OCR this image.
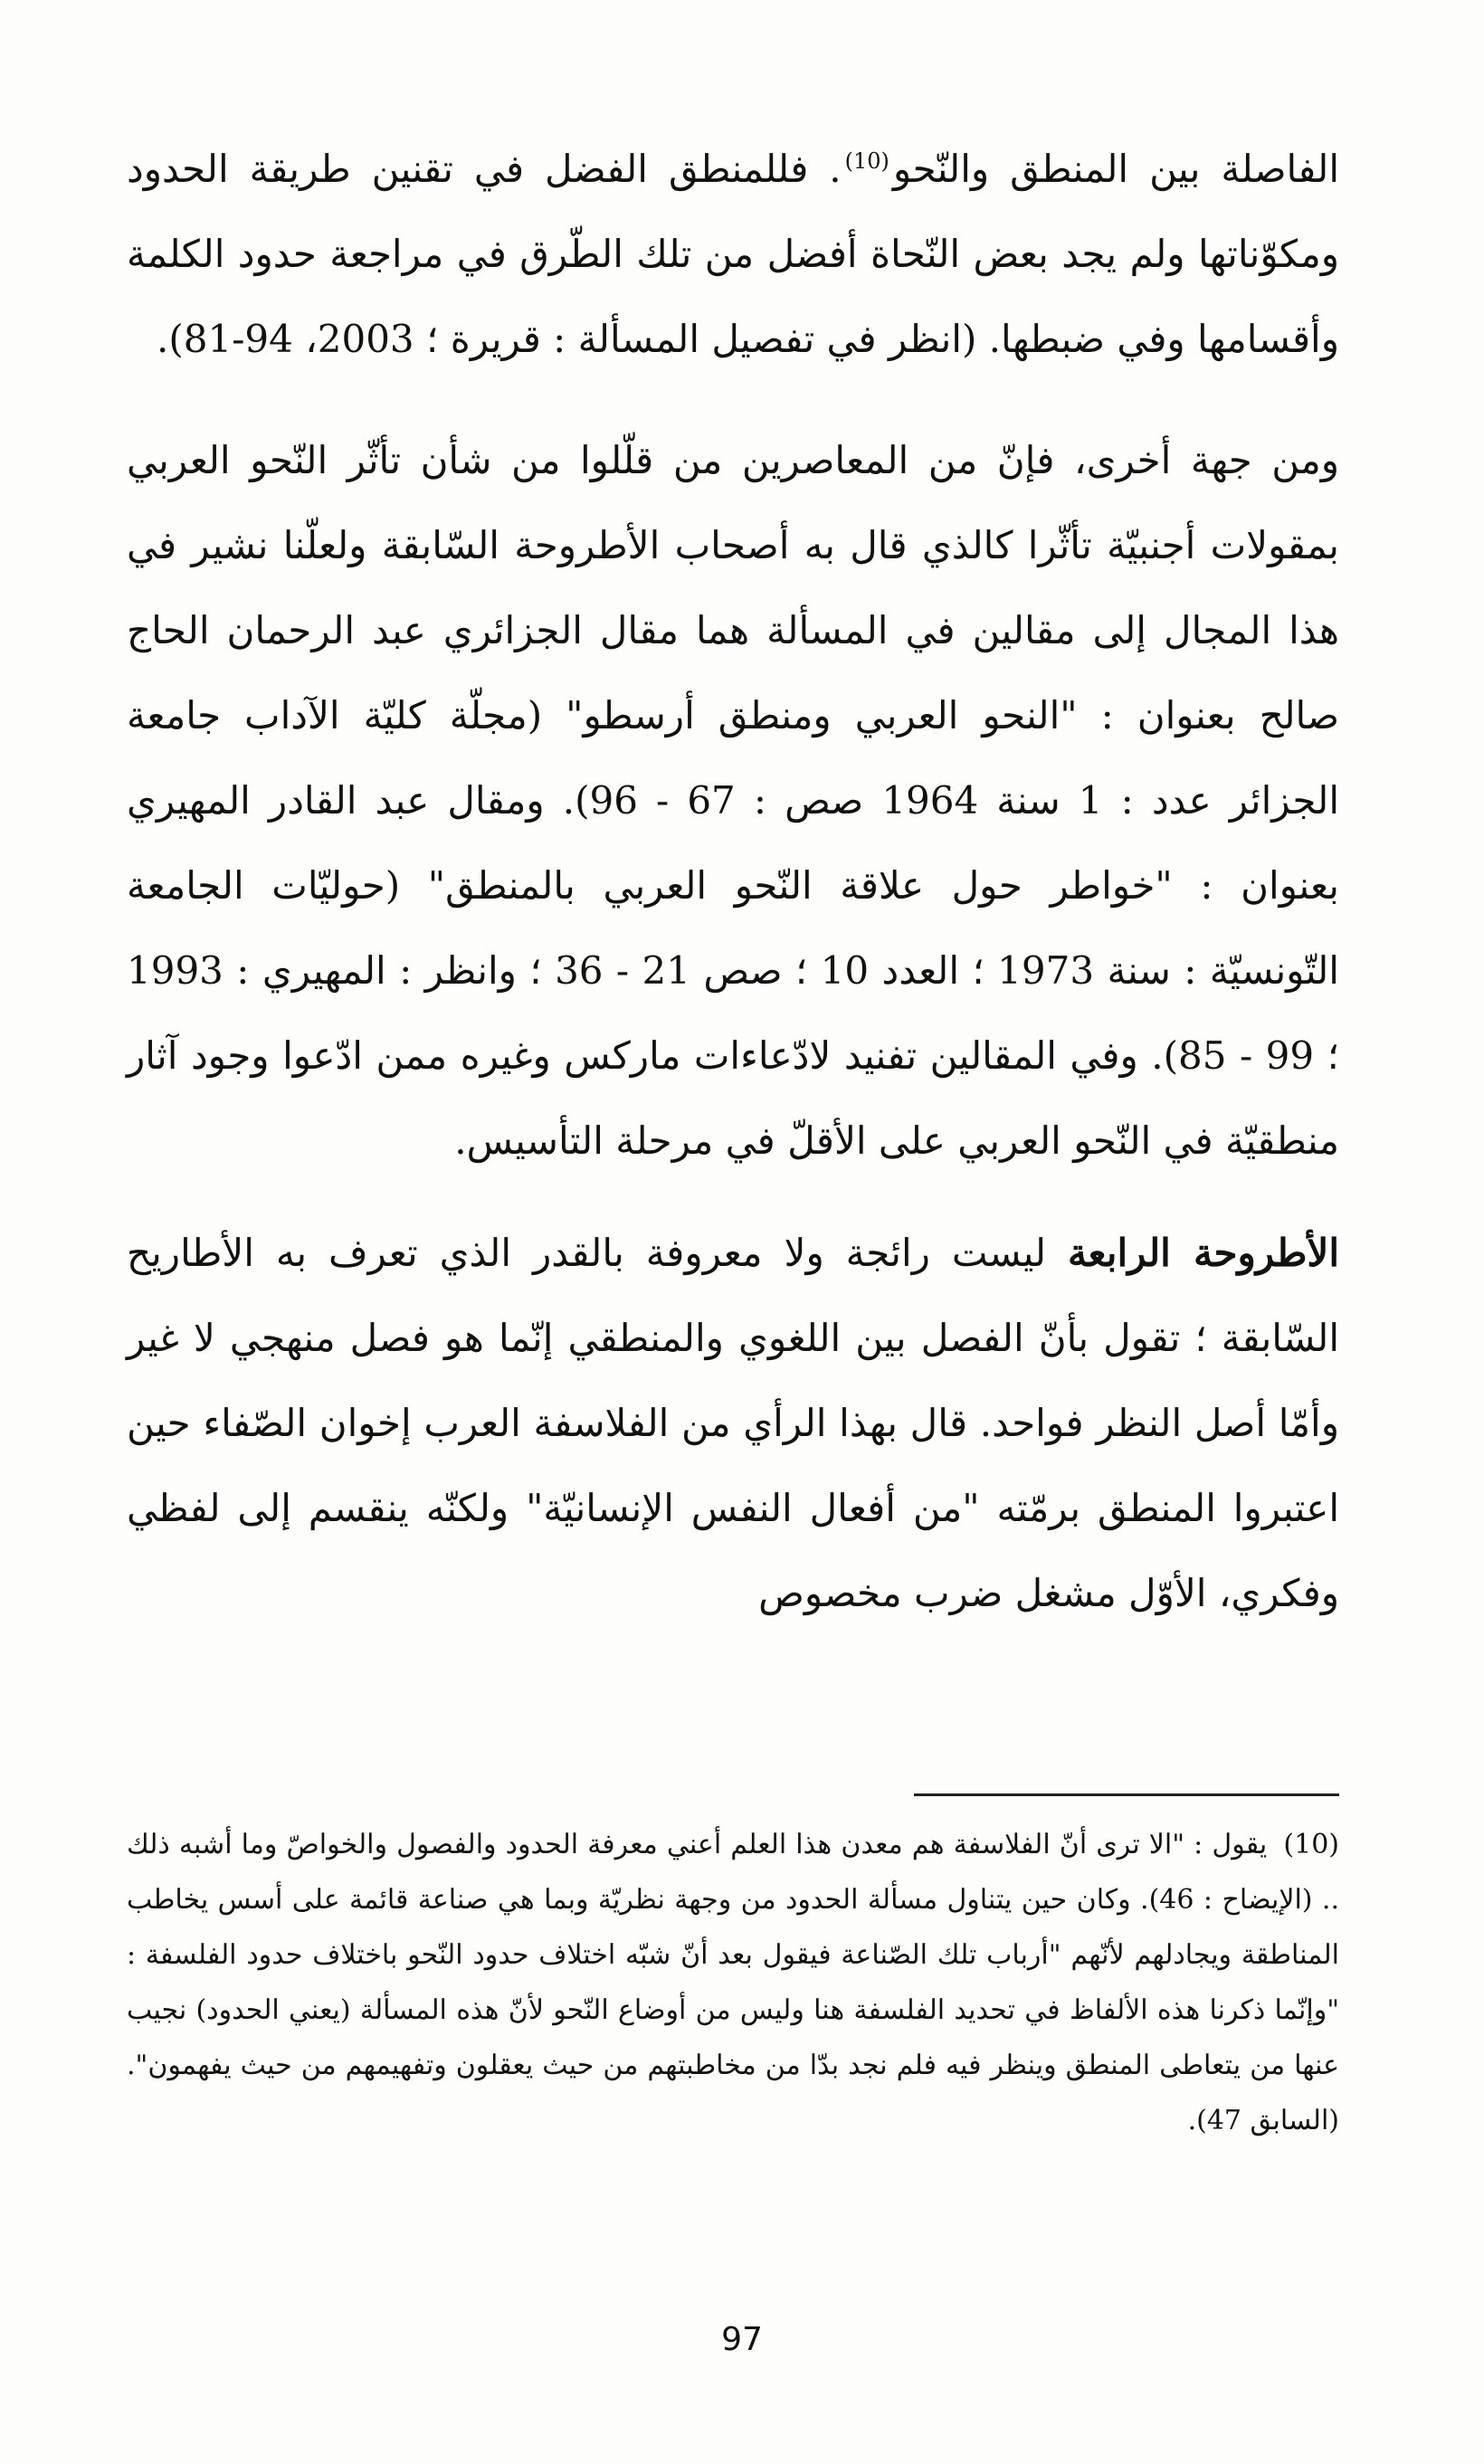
الفاصلة بين المنطق والنّحو$^{(10)}$. فللمنطق الفضل في تقنين طريقة الحدود ومكوّناتها ولم يجد بعض النّحاة أفضل من تلك الطّرق في مراجعة حدود الكلمة وأقسامها وفي ضبطها. (انظر في تفصيل المسألة : قريرة ؛ 2003، 94-81).

ومن جهة أخرى، فإنّ من المعاصرين من قلّلوا من شأن تأثّر النّحو العربي بمقولات أجنبيّة تأثّرا كالذي قال به أصحاب الأطروحة السّابقة ولعلّنا نشير في هذا المجال إلى مقالين في المسألة هما مقال الجزائري عبد الرحمان الحاج صالح بعنوان : "النحو العربي ومنطق أرسطو" (مجلّة كليّة الآداب جامعة الجزائر عدد : 1 سنة 1964 صص : 67 - 96). ومقال عبد القادر المهيري بعنوان : "خواطر حول علاقة النّحو العربي بالمنطق" (حوليّات الجامعة التّونسيّة : سنة 1973 ؛ العدد 10 ؛ صص 21 - 36 ؛ وانظر : المهيري : 1993 ؛ 99 - 85). وفي المقالين تفنيد لادّعاءات ماركس وغيره ممن ادّعوا وجود آثار منطقيّة في النّحو العربي على الأقلّ في مرحلة التأسيس.

الأطروحة الرابعة ليست رائجة ولا معروفة بالقدر الذي تعرف به الأطاريح السّابقة ؛ تقول بأنّ الفصل بين اللغوي والمنطقي إنّما هو فصل منهجي لا غير وأمّا أصل النظر فواحد. قال بهذا الرأي من الفلاسفة العرب إخوان الصّفاء حين اعتبروا المنطق برمّته "من أفعال النفس الإنسانيّة" ولكنّه ينقسم إلى لفظي وفكري، الأوّل مشغل ضرب مخصوص

(10) يقول : "الا ترى أنّ الفلاسفة هم معدن هذا العلم أعني معرفة الحدود والفصول والخواصّ وما أشبه ذلك .. (الإيضاح : 46). وكان حين يتناول مسألة الحدود من وجهة نظريّة وبما هي صناعة قائمة على أسس يخاطب المناطقة ويجادلهم لأنّهم "أرباب تلك الصّناعة فيقول بعد أنّ شبّه اختلاف حدود النّحو باختلاف حدود الفلسفة : "وإنّما ذكرنا هذه الألفاظ في تحديد الفلسفة هنا وليس من أوضاع النّحو لأنّ هذه المسألة (يعني الحدود) نجيب عنها من يتعاطى المنطق وينظر فيه فلم نجد بدّا من مخاطبتهم من حيث يعقلون وتفهيمهم من حيث يفهمون". (السابق 47).
97
